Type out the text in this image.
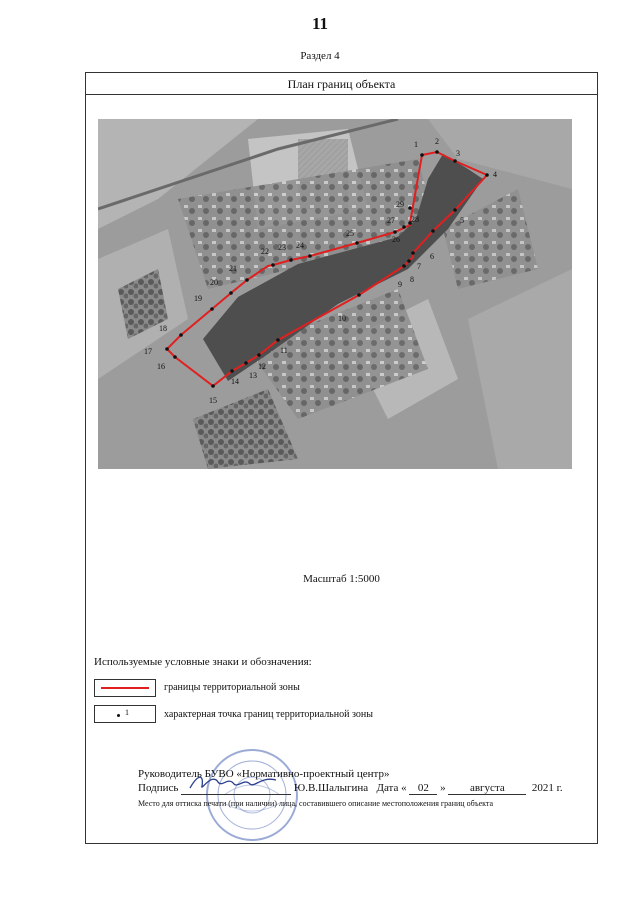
11
Раздел 4
План границ объекта
1 2
3
4
5
6
7
8
9
10
11
12
13
14
15
16
17
18
19
20
21
22 23 24
25
26
27 28
29
Масштаб 1:5000
Используемые условные знаки и обозначения:
границы территориальной зоны
1	характерная точка границ территориальной зоны
Руководитель БУВО «Нормативно-проектный центр»
Подпись	Ю.В.Шалыгина Дата « 02 » августа 2021 г.
Место для оттиска печати (при наличии) лица, составившего описание местоположения границ объекта
